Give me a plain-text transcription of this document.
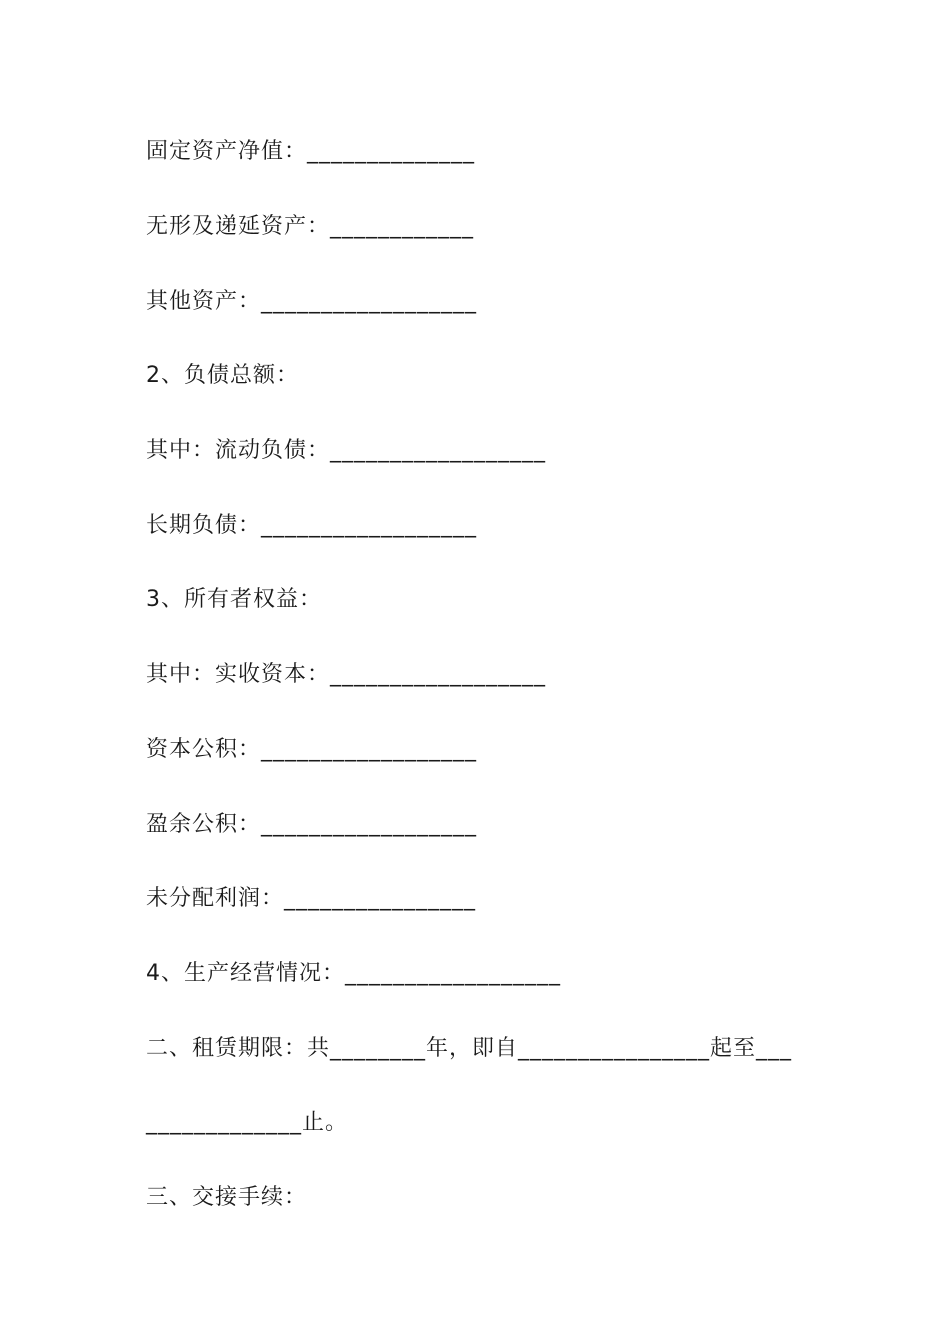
固定资产净值：______________
无形及递延资产：____________
其他资产：__________________
2、负债总额：
其中：流动负债：__________________
长期负债：__________________
3、所有者权益：
其中：实收资本：__________________
资本公积：__________________
盈余公积：__________________
未分配利润：________________
4、生产经营情况：__________________
二、租赁期限：共________年，即自________________起至___
_____________止。
三、交接手续：
